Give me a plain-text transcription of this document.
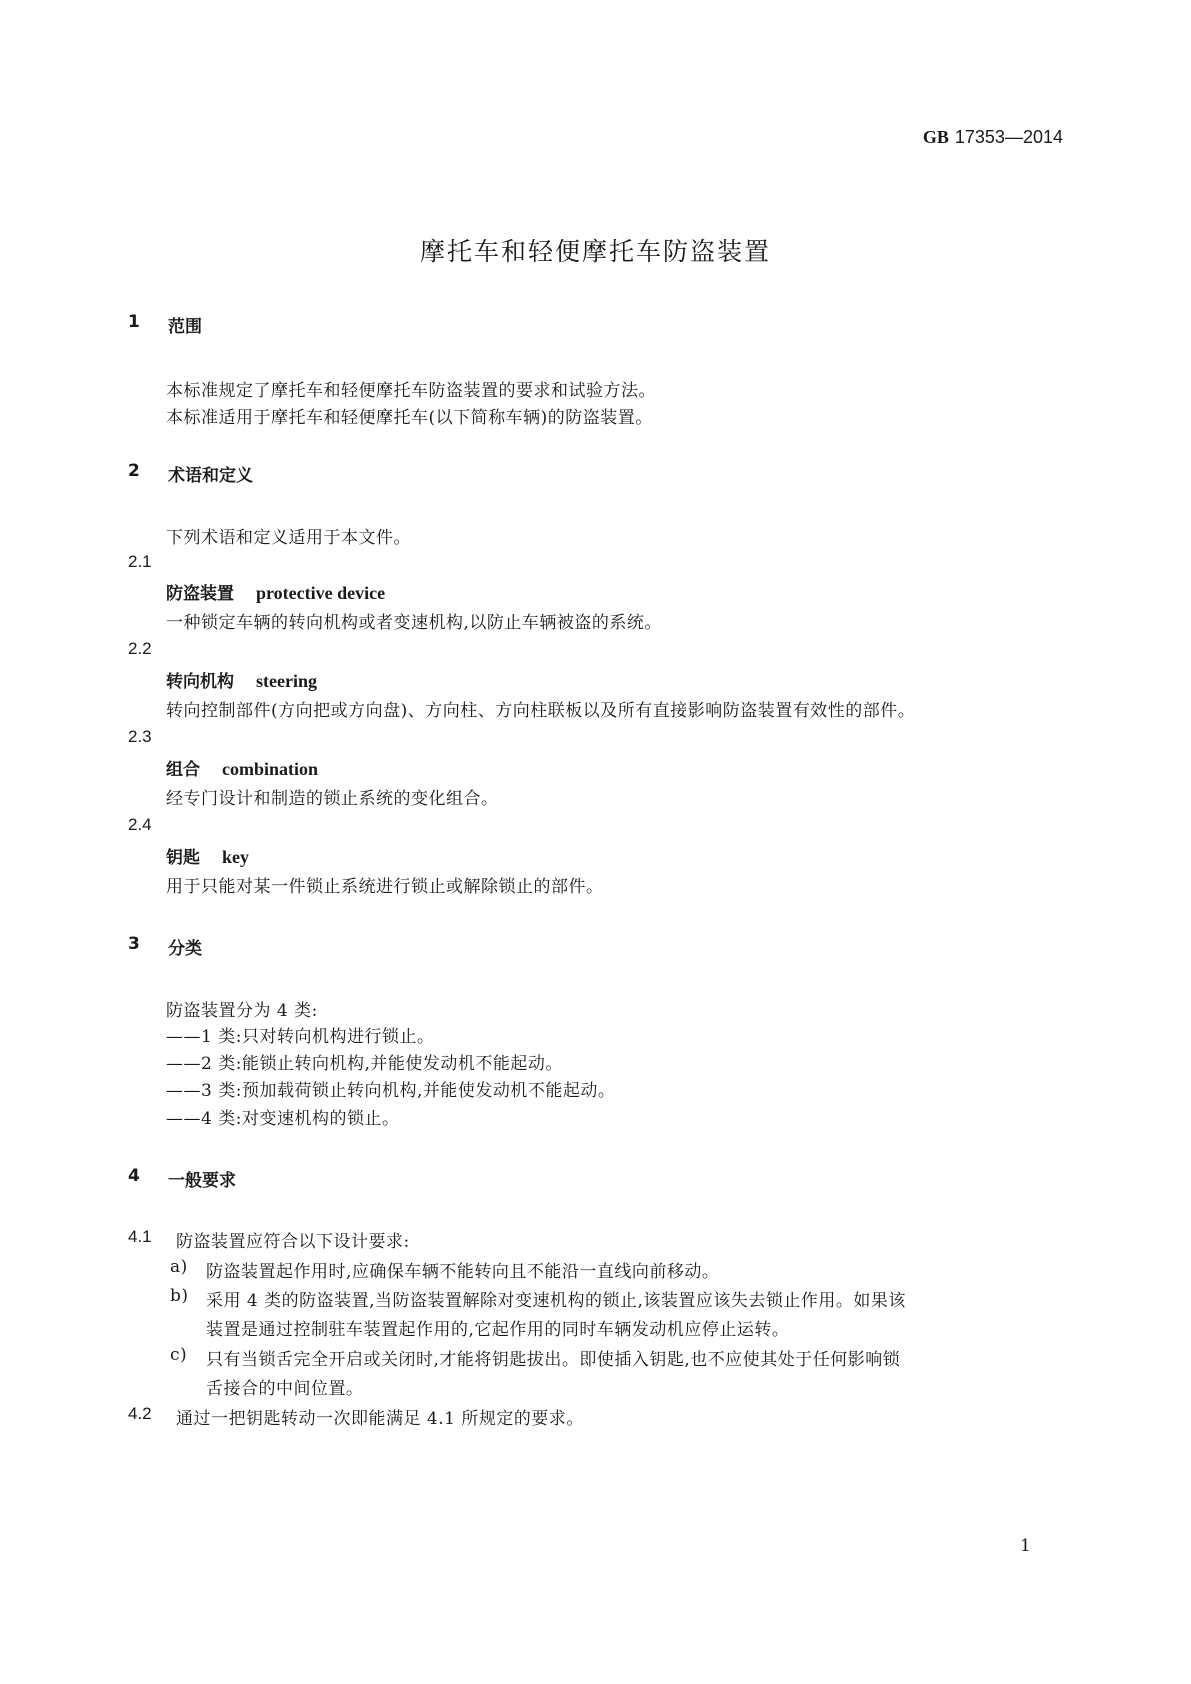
GB 17353—2014
摩托车和轻便摩托车防盗装置
1 范围
本标准规定了摩托车和轻便摩托车防盗装置的要求和试验方法。
本标准适用于摩托车和轻便摩托车(以下简称车辆)的防盗装置。
2 术语和定义
下列术语和定义适用于本文件。
2.1
防盗装置 protective device
一种锁定车辆的转向机构或者变速机构,以防止车辆被盗的系统。
2.2
转向机构 steering
转向控制部件(方向把或方向盘)、方向柱、方向柱联板以及所有直接影响防盗装置有效性的部件。
2.3
组合 combination
经专门设计和制造的锁止系统的变化组合。
2.4
钥匙 key
用于只能对某一件锁止系统进行锁止或解除锁止的部件。
3 分类
防盗装置分为 4 类:
——1 类:只对转向机构进行锁止。
——2 类:能锁止转向机构,并能使发动机不能起动。
——3 类:预加载荷锁止转向机构,并能使发动机不能起动。
——4 类:对变速机构的锁止。
4 一般要求
4.1 防盗装置应符合以下设计要求:
a) 防盗装置起作用时,应确保车辆不能转向且不能沿一直线向前移动。
b) 采用 4 类的防盗装置,当防盗装置解除对变速机构的锁止,该装置应该失去锁止作用。如果该
装置是通过控制驻车装置起作用的,它起作用的同时车辆发动机应停止运转。
c) 只有当锁舌完全开启或关闭时,才能将钥匙拔出。即使插入钥匙,也不应使其处于任何影响锁
舌接合的中间位置。
4.2 通过一把钥匙转动一次即能满足 4.1 所规定的要求。
1
